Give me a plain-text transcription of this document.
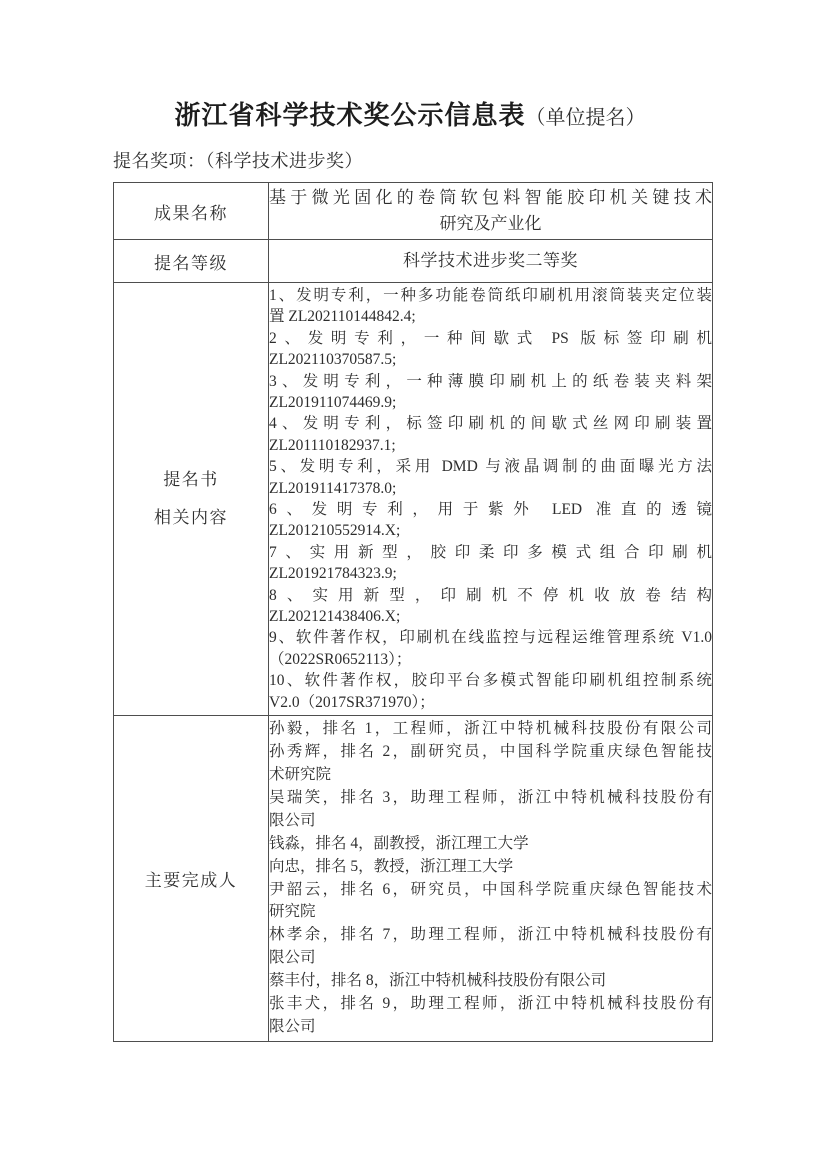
浙江省科学技术奖公示信息表（单位提名）
提名奖项：（科学技术进步奖）
成果名称	基于微光固化的卷筒软包料智能胶印机关键技术
研究及产业化

提名等级	科学技术进步奖二等奖

提名书
相关内容

1、发明专利，一种多功能卷筒纸印刷机用滚筒装夹定位装
置 ZL202110144842.4;
2、发明专利，一种间歇式 PS 版标签印刷机
ZL202110370587.5;
3、发明专利，一种薄膜印刷机上的纸卷装夹料架
ZL201911074469.9;
4、发明专利，标签印刷机的间歇式丝网印刷装置
ZL201110182937.1;
5、发明专利，采用 DMD 与液晶调制的曲面曝光方法
ZL201911417378.0;
6、发明专利，用于紫外 LED 准直的透镜
ZL201210552914.X;
7、实用新型，胶印柔印多模式组合印刷机
ZL201921784323.9;
8、实用新型，印刷机不停机收放卷结构
ZL202121438406.X;
9、软件著作权，印刷机在线监控与远程运维管理系统 V1.0
（2022SR0652113）；
10、软件著作权，胶印平台多模式智能印刷机组控制系统
V2.0（2017SR371970）；

主要完成人	
孙毅，排名 1，工程师，浙江中特机械科技股份有限公司
孙秀辉，排名 2，副研究员，中国科学院重庆绿色智能技
术研究院
吴瑞笑，排名 3，助理工程师，浙江中特机械科技股份有
限公司
钱淼，排名 4，副教授，浙江理工大学
向忠，排名 5，教授，浙江理工大学
尹韶云，排名 6，研究员，中国科学院重庆绿色智能技术
研究院
林孝余，排名 7，助理工程师，浙江中特机械科技股份有
限公司
蔡丰付，排名 8，浙江中特机械科技股份有限公司
张丰犬，排名 9，助理工程师，浙江中特机械科技股份有
限公司
